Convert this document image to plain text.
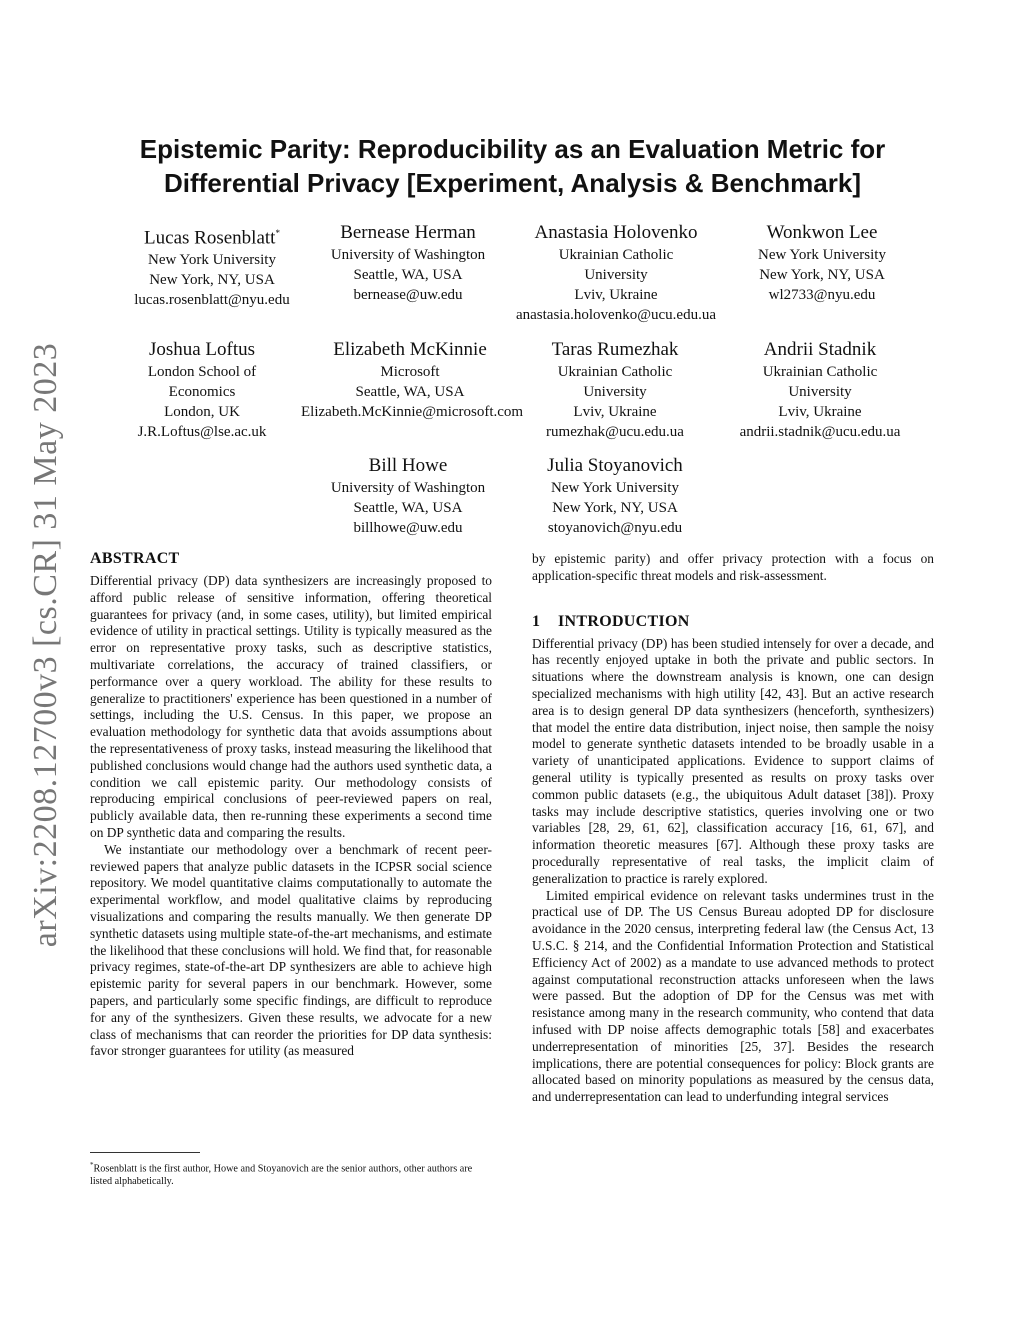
arXiv:2208.12700v3 [cs.CR] 31 May 2023
Epistemic Parity: Reproducibility as an Evaluation Metric for
Differential Privacy [Experiment, Analysis & Benchmark]
Lucas Rosenblatt*
New York University
New York, NY, USA
lucas.rosenblatt@nyu.edu
Bernease Herman
University of Washington
Seattle, WA, USA
bernease@uw.edu
Anastasia Holovenko
Ukrainian Catholic
University
Lviv, Ukraine
anastasia.holovenko@ucu.edu.ua
Wonkwon Lee
New York University
New York, NY, USA
wl2733@nyu.edu
Joshua Loftus
London School of
Economics
London, UK
J.R.Loftus@lse.ac.uk
Elizabeth McKinnie
Microsoft
Seattle, WA, USA
Elizabeth.McKinnie@microsoft.com
Taras Rumezhak
Ukrainian Catholic
University
Lviv, Ukraine
rumezhak@ucu.edu.ua
Andrii Stadnik
Ukrainian Catholic
University
Lviv, Ukraine
andrii.stadnik@ucu.edu.ua
Bill Howe
University of Washington
Seattle, WA, USA
billhowe@uw.edu
Julia Stoyanovich
New York University
New York, NY, USA
stoyanovich@nyu.edu
ABSTRACT

Differential privacy (DP) data synthesizers are increasingly proposed to afford public release of sensitive information, offering theoretical guarantees for privacy (and, in some cases, utility), but limited empirical evidence of utility in practical settings. Utility is typically measured as the error on representative proxy tasks, such as descriptive statistics, multivariate correlations, the accuracy of trained classifiers, or performance over a query workload. The ability for these results to generalize to practitioners' experience has been questioned in a number of settings, including the U.S. Census. In this paper, we propose an evaluation methodology for synthetic data that avoids assumptions about the representativeness of proxy tasks, instead measuring the likelihood that published conclusions would change had the authors used synthetic data, a condition we call epistemic parity. Our methodology consists of reproducing empirical conclusions of peer-reviewed papers on real, publicly available data, then re-running these experiments a second time on DP synthetic data and comparing the results.

We instantiate our methodology over a benchmark of recent peer-reviewed papers that analyze public datasets in the ICPSR social science repository. We model quantitative claims computationally to automate the experimental workflow, and model qualitative claims by reproducing visualizations and comparing the results manually. We then generate DP synthetic datasets using multiple state-of-the-art mechanisms, and estimate the likelihood that these conclusions will hold. We find that, for reasonable privacy regimes, state-of-the-art DP synthesizers are able to achieve high epistemic parity for several papers in our benchmark. However, some papers, and particularly some specific findings, are difficult to reproduce for any of the synthesizers. Given these results, we advocate for a new class of mechanisms that can reorder the priorities for DP data synthesis: favor stronger guarantees for utility (as measured

*Rosenblatt is the first author, Howe and Stoyanovich are the senior authors, other authors are listed alphabetically.

by epistemic parity) and offer privacy protection with a focus on application-specific threat models and risk-assessment.

1 INTRODUCTION

Differential privacy (DP) has been studied intensely for over a decade, and has recently enjoyed uptake in both the private and public sectors. In situations where the downstream analysis is known, one can design specialized mechanisms with high utility [42, 43]. But an active research area is to design general DP data synthesizers (henceforth, synthesizers) that model the entire data distribution, inject noise, then sample the noisy model to generate synthetic datasets intended to be broadly usable in a variety of unanticipated applications. Evidence to support claims of general utility is typically presented as results on proxy tasks over common public datasets (e.g., the ubiquitous Adult dataset [38]). Proxy tasks may include descriptive statistics, queries involving one or two variables [28, 29, 61, 62], classification accuracy [16, 61, 67], and information theoretic measures [67]. Although these proxy tasks are procedurally representative of real tasks, the implicit claim of generalization to practice is rarely explored.

Limited empirical evidence on relevant tasks undermines trust in the practical use of DP. The US Census Bureau adopted DP for disclosure avoidance in the 2020 census, interpreting federal law (the Census Act, 13 U.S.C. § 214, and the Confidential Information Protection and Statistical Efficiency Act of 2002) as a mandate to use advanced methods to protect against computational reconstruction attacks unforeseen when the laws were passed. But the adoption of DP for the Census was met with resistance among many in the research community, who contend that data infused with DP noise affects demographic totals [58] and exacerbates underrepresentation of minorities [25, 37]. Besides the research implications, there are potential consequences for policy: Block grants are allocated based on minority populations as measured by the census data, and underrepresentation can lead to underfunding integral services
